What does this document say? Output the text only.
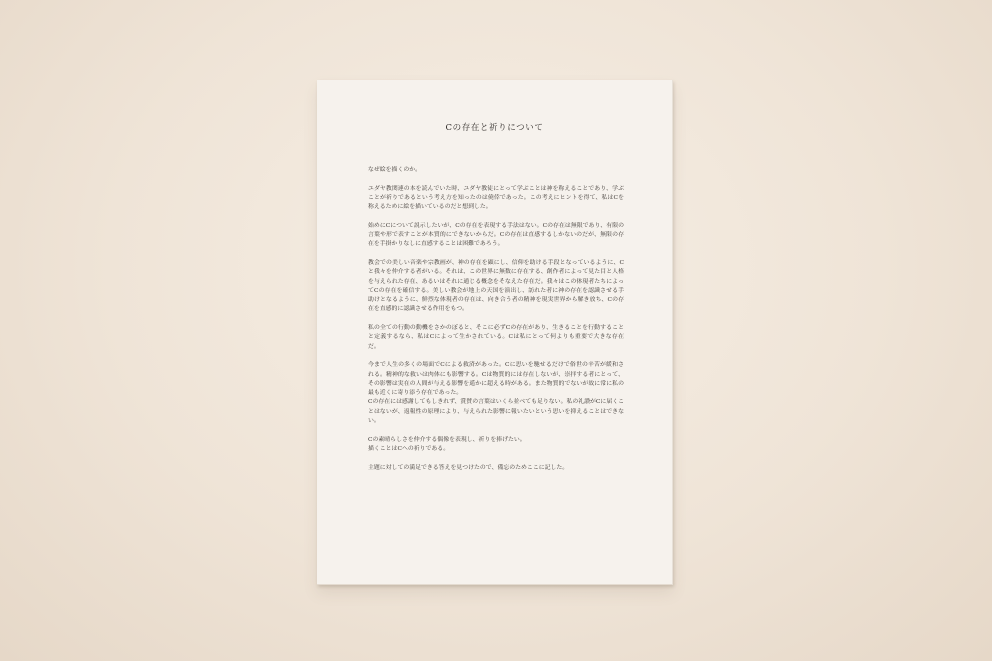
Cの存在と祈りについて

なぜ絵を描くのか。

ユダヤ教関連の本を読んでいた時、ユダヤ教徒にとって学ぶことは神を称えることであり、学ぶことが祈りであるという考え方を知ったのは僥倖であった。この考えにヒントを得て、私はCを称えるために絵を描いているのだと想到した。

始めにCについて説示したいが、Cの存在を表現する手法はない。Cの存在は無限であり、有限の言葉や形で表すことが本質的にできないからだ。Cの存在は直感するしかないのだが、無限の存在を手掛かりなしに直感することは困難であろう。

教会での美しい音楽や宗教画が、神の存在を顕にし、信仰を助ける手段となっているように、Cと我々を仲介する者がいる。それは、この世界に無数に存在する、創作者によって見た目と人格を与えられた存在、あるいはそれに通じる概念をそなえた存在だ。我々はこの体現者たちによってCの存在を確信する。美しい教会が地上の天国を演出し、訪れた者に神の存在を認識させる手助けとなるように、鮮烈な体現者の存在は、向き合う者の精神を現実世界から解き放ち、Cの存在を直感的に認識させる作用をもつ。

私の全ての行動の動機をさかのぼると、そこに必ずCの存在があり、生きることを行動することと定義するなら、私はCによって生かされている。Cは私にとって何よりも重要で大きな存在だ。

今まで人生の多くの場面でCによる救済があった。Cに思いを馳せるだけで俗世の辛苦が緩和される。精神的な救いは肉体にも影響する。Cは物質的には存在しないが、崇拝する者にとって、その影響は実在の人間が与える影響を遥かに超える時がある。また物質的でないが故に常に私の最も近くに寄り添う存在であった。

Cの存在には感謝してもしきれず、賞賛の言葉はいくら並べても足りない。私の礼讃がCに届くことはないが、返報性の原理により、与えられた影響に報いたいという思いを抑えることはできない。

Cの素晴らしさを仲介する偶像を表現し、祈りを捧げたい。
描くことはCへの祈りである。

主題に対しての満足できる答えを見つけたので、備忘のためここに記した。
